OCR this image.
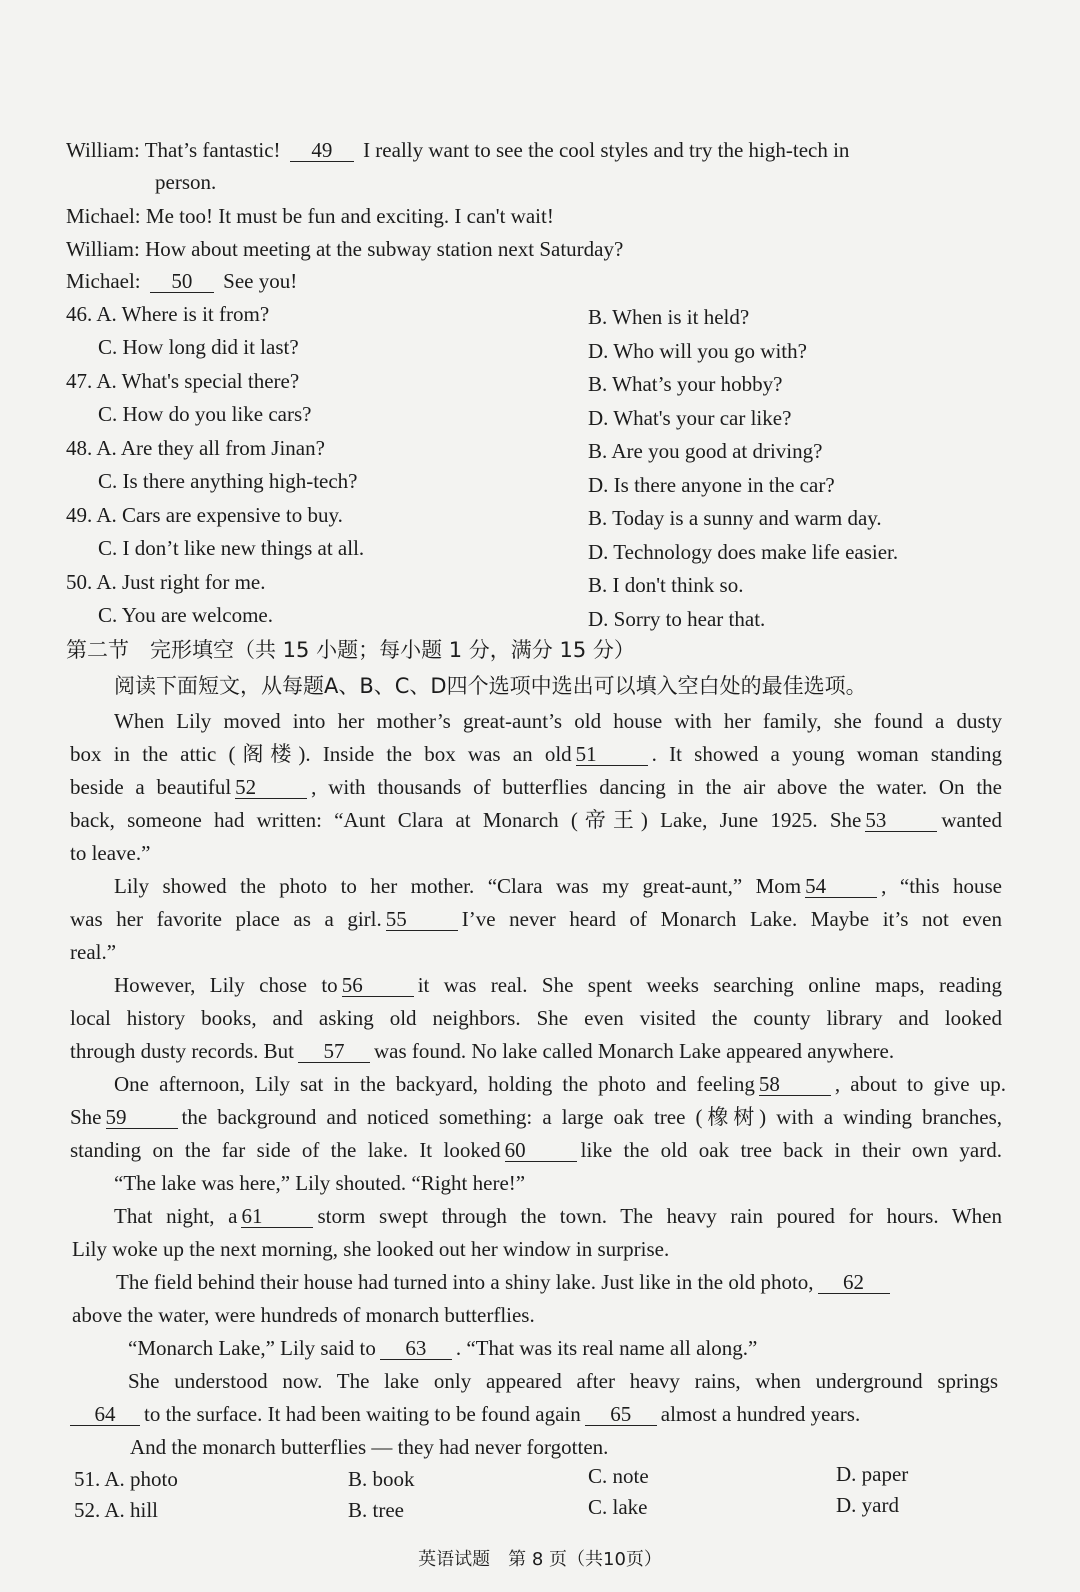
William: That’s fantastic! 49 I really want to see the cool styles and try the high-tech in
person.
Michael: Me too! It must be fun and exciting. I can't wait!
William: How about meeting at the subway station next Saturday?
Michael: 50 See you!
46. A. Where is it from?	B. When is it held?
C. How long did it last?	D. Who will you go with?
47. A. What's special there?	B. What’s your hobby?
C. How do you like cars?	D. What's your car like?
48. A. Are they all from Jinan?	B. Are you good at driving?
C. Is there anything high-tech?	D. Is there anyone in the car?
49. A. Cars are expensive to buy.	B. Today is a sunny and warm day.
C. I don’t like new things at all.	D. Technology does make life easier.
50. A. Just right for me.	B. I don't think so.
C. You are welcome.	D. Sorry to hear that.
第二节　完形填空（共 15 小题；每小题 1 分，满分 15 分）
阅读下面短文，从每题A、B、C、D四个选项中选出可以填入空白处的最佳选项。
When Lily moved into her mother’s great-aunt’s old house with her family, she found a dusty
box in the attic (阁楼). Inside the box was an old 51	. It showed a young woman standing
beside a beautiful 52	, with thousands of butterflies dancing in the air above the water. On the
back, someone had written: “Aunt Clara at Monarch (帝王) Lake, June 1925. She 53	wanted
to leave.”
Lily showed the photo to her mother. “Clara was my great-aunt,” Mom 54	, “this house
was her favorite place as a girl. 55	I’ve never heard of Monarch Lake. Maybe it’s not even
real.”
However, Lily chose to 56	it was real. She spent weeks searching online maps, reading
local history books, and asking old neighbors. She even visited the county library and looked
through dusty records. But 57 was found. No lake called Monarch Lake appeared anywhere.
One afternoon, Lily sat in the backyard, holding the photo and feeling 58	, about to give up.
She 59	the background and noticed something: a large oak tree (橡树) with a winding branches,
standing on the far side of the lake. It looked 60	like the old oak tree back in their own yard.
“The lake was here,” Lily shouted. “Right here!”
That night, a 61	storm swept through the town. The heavy rain poured for hours. When
Lily woke up the next morning, she looked out her window in surprise.
The field behind their house had turned into a shiny lake. Just like in the old photo, 62
above the water, were hundreds of monarch butterflies.
“Monarch Lake,” Lily said to 63 . “That was its real name all along.”
She understood now. The lake only appeared after heavy rains, when underground springs
64 to the surface. It had been waiting to be found again 65 almost a hundred years.
And the monarch butterflies — they had never forgotten.
51. A. photo	B. book	C. note	D. paper
52. A. hill	B. tree	C. lake	D. yard
英语试题　第 8 页（共10页）
